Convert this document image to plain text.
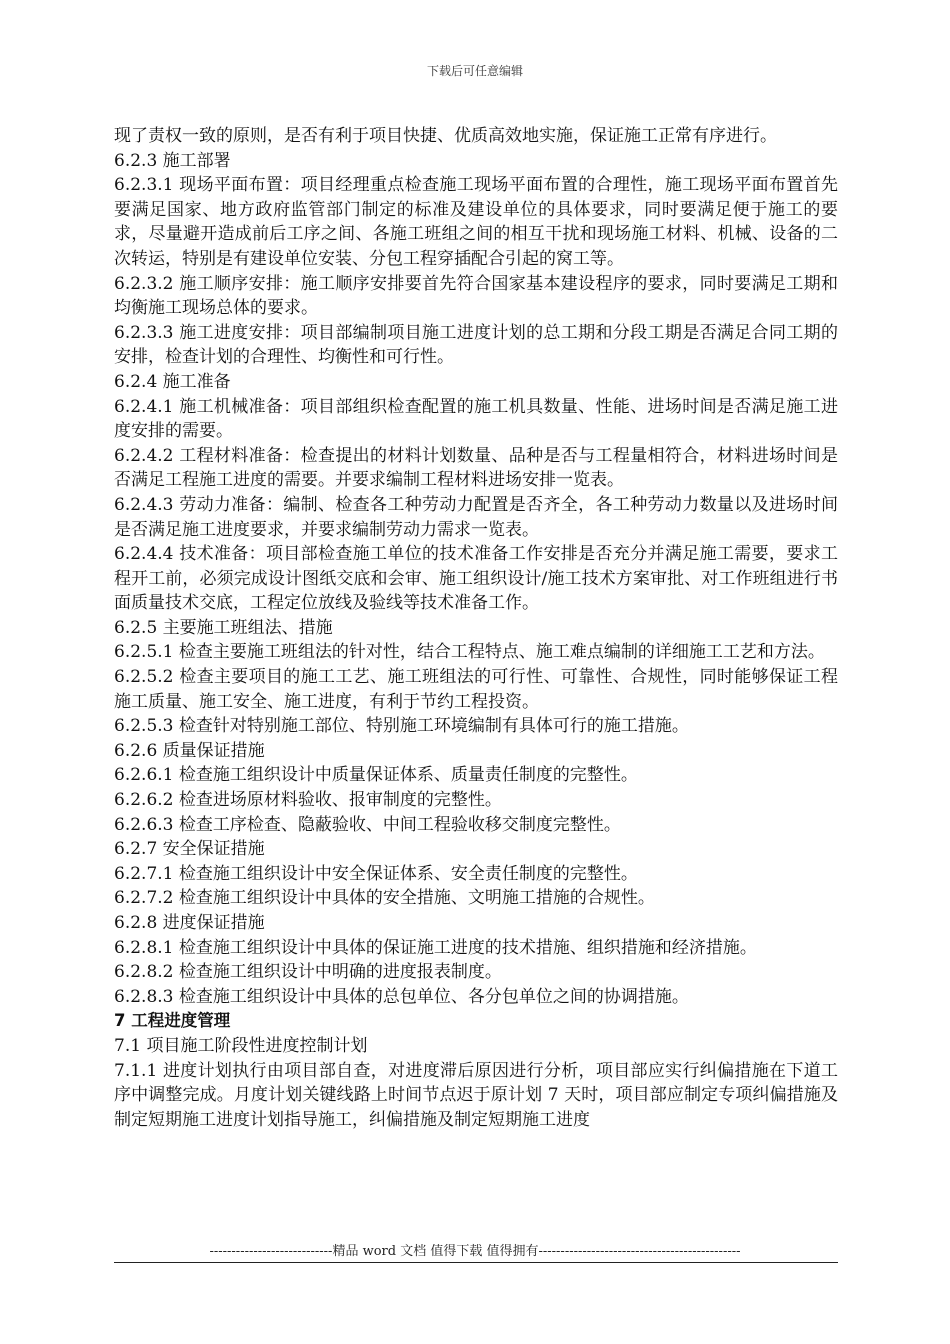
下载后可任意编辑

现了责权一致的原则，是否有利于项目快捷、优质高效地实施，保证施工正常有序进行。

6.2.3 施工部署

6.2.3.1 现场平面布置：项目经理重点检查施工现场平面布置的合理性，施工现场平面布置首先要满足国家、地方政府监管部门制定的标准及建设单位的具体要求，同时要满足便于施工的要求，尽量避开造成前后工序之间、各施工班组之间的相互干扰和现场施工材料、机械、设备的二次转运，特别是有建设单位安装、分包工程穿插配合引起的窝工等。

6.2.3.2 施工顺序安排：施工顺序安排要首先符合国家基本建设程序的要求，同时要满足工期和均衡施工现场总体的要求。

6.2.3.3 施工进度安排：项目部编制项目施工进度计划的总工期和分段工期是否满足合同工期的安排，检查计划的合理性、均衡性和可行性。

6.2.4 施工准备

6.2.4.1 施工机械准备：项目部组织检查配置的施工机具数量、性能、进场时间是否满足施工进度安排的需要。

6.2.4.2 工程材料准备：检查提出的材料计划数量、品种是否与工程量相符合，材料进场时间是否满足工程施工进度的需要。并要求编制工程材料进场安排一览表。

6.2.4.3 劳动力准备：编制、检查各工种劳动力配置是否齐全，各工种劳动力数量以及进场时间是否满足施工进度要求，并要求编制劳动力需求一览表。

6.2.4.4 技术准备：项目部检查施工单位的技术准备工作安排是否充分并满足施工需要，要求工程开工前，必须完成设计图纸交底和会审、施工组织设计/施工技术方案审批、对工作班组进行书面质量技术交底，工程定位放线及验线等技术准备工作。

6.2.5 主要施工班组法、措施

6.2.5.1 检查主要施工班组法的针对性，结合工程特点、施工难点编制的详细施工工艺和方法。

6.2.5.2 检查主要项目的施工工艺、施工班组法的可行性、可靠性、合规性，同时能够保证工程施工质量、施工安全、施工进度，有利于节约工程投资。

6.2.5.3 检查针对特别施工部位、特别施工环境编制有具体可行的施工措施。

6.2.6 质量保证措施

6.2.6.1 检查施工组织设计中质量保证体系、质量责任制度的完整性。

6.2.6.2 检查进场原材料验收、报审制度的完整性。

6.2.6.3 检查工序检查、隐蔽验收、中间工程验收移交制度完整性。

6.2.7 安全保证措施

6.2.7.1 检查施工组织设计中安全保证体系、安全责任制度的完整性。

6.2.7.2 检查施工组织设计中具体的安全措施、文明施工措施的合规性。

6.2.8 进度保证措施

6.2.8.1 检查施工组织设计中具体的保证施工进度的技术措施、组织措施和经济措施。

6.2.8.2 检查施工组织设计中明确的进度报表制度。

6.2.8.3 检查施工组织设计中具体的总包单位、各分包单位之间的协调措施。

7 工程进度管理

7.1 项目施工阶段性进度控制计划

7.1.1 进度计划执行由项目部自查，对进度滞后原因进行分析，项目部应实行纠偏措施在下道工序中调整完成。月度计划关键线路上时间节点迟于原计划 7 天时，项目部应制定专项纠偏措施及制定短期施工进度计划指导施工，纠偏措施及制定短期施工进度

----------------------------精品 word 文档 值得下载 值得拥有----------------------------------------------
